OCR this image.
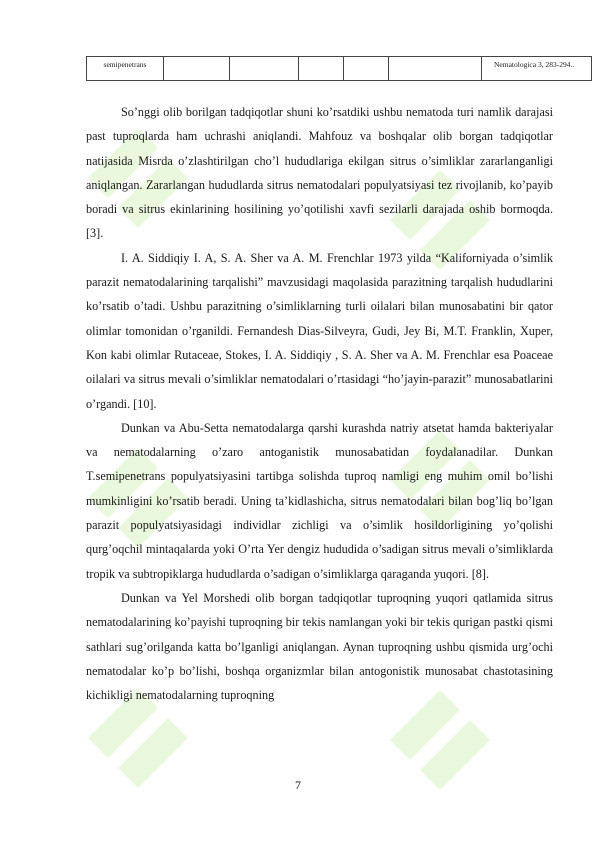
semipenetrans						Nematologica 3, 283-294..

So’nggi olib borilgan tadqiqotlar shuni ko’rsatdiki ushbu nematoda turi namlik darajasi past tuproqlarda ham uchrashi aniqlandi. Mahfouz va boshqalar olib borgan tadqiqotlar natijasida Misrda o’zlashtirilgan cho’l hududlariga ekilgan sitrus o’simliklar zararlanganligi aniqlangan. Zararlangan hududlarda sitrus nematodalari populyatsiyasi tez rivojlanib, ko’payib boradi va sitrus ekinlarining hosilining yo’qotilishi xavfi sezilarli darajada oshib bormoqda. [3].

I. A. Siddiqiy I. A, S. A. Sher va A. M. Frenchlar 1973 yilda “Kaliforniyada o’simlik parazit nematodalarining tarqalishi” mavzusidagi maqolasida parazitning tarqalish hududlarini ko’rsatib o’tadi. Ushbu parazitning o’simliklarning turli oilalari bilan munosabatini bir qator olimlar tomonidan o’rganildi. Fernandesh Dias-Silveyra, Gudi, Jey Bi, M.T. Franklin, Xuper, Kon kabi olimlar Rutaceae, Stokes, I. A. Siddiqiy , S. A. Sher va A. M. Frenchlar esa Poaceae oilalari va sitrus mevali o’simliklar nematodalari o’rtasidagi “ho’jayin-parazit” munosabatlarini o’rgandi. [10].

Dunkan va Abu-Setta nematodalarga qarshi kurashda natriy atsetat hamda bakteriyalar va nematodalarning o’zaro antoganistik munosabatidan foydalanadilar. Dunkan T.semipenetrans populyatsiyasini tartibga solishda tuproq namligi eng muhim omil bo’lishi mumkinligini ko’rsatib beradi. Uning ta’kidlashicha, sitrus nematodalari bilan bog’liq bo’lgan parazit populyatsiyasidagi individlar zichligi va o’simlik hosildorligining yo’qolishi qurg’oqchil mintaqalarda yoki O’rta Yer dengiz hududida o’sadigan sitrus mevali o’simliklarda tropik va subtropiklarga hududlarda o’sadigan o’simliklarga qaraganda yuqori. [8].

Dunkan va Yel Morshedi olib borgan tadqiqotlar tuproqning yuqori qatlamida sitrus nematodalarining ko’payishi tuproqning bir tekis namlangan yoki bir tekis qurigan pastki qismi sathlari sug’orilganda katta bo’lganligi aniqlangan. Aynan tuproqning ushbu qismida urg’ochi nematodalar ko’p bo’lishi, boshqa organizmlar bilan antogonistik munosabat chastotasining kichikligi nematodalarning tuproqning

7
